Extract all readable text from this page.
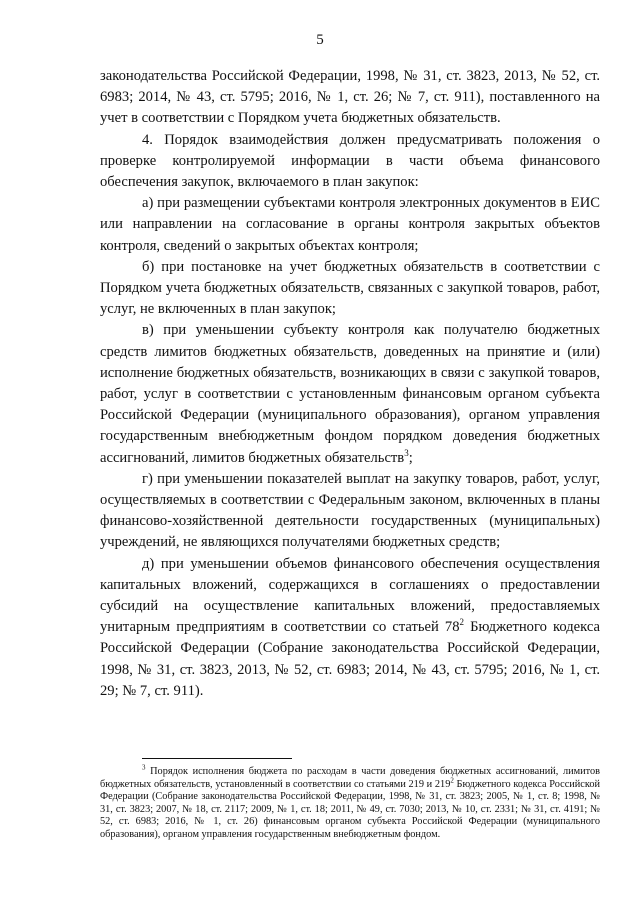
5

законодательства Российской Федерации, 1998, № 31, ст. 3823, 2013, № 52, ст. 6983; 2014, № 43, ст. 5795; 2016, № 1, ст. 26; № 7, ст. 911), поставленного на учет в соответствии с Порядком учета бюджетных обязательств.

4. Порядок взаимодействия должен предусматривать положения о проверке контролируемой информации в части объема финансового обеспечения закупок, включаемого в план закупок:

а) при размещении субъектами контроля электронных документов в ЕИС или направлении на согласование в органы контроля закрытых объектов контроля, сведений о закрытых объектах контроля;

б) при постановке на учет бюджетных обязательств в соответствии с Порядком учета бюджетных обязательств, связанных с закупкой товаров, работ, услуг, не включенных в план закупок;

в) при уменьшении субъекту контроля как получателю бюджетных средств лимитов бюджетных обязательств, доведенных на принятие и (или) исполнение бюджетных обязательств, возникающих в связи с закупкой товаров, работ, услуг в соответствии с установленным финансовым органом субъекта Российской Федерации (муниципального образования), органом управления государственным внебюджетным фондом порядком доведения бюджетных ассигнований, лимитов бюджетных обязательств$^3$;

г) при уменьшении показателей выплат на закупку товаров, работ, услуг, осуществляемых в соответствии с Федеральным законом, включенных в планы финансово-хозяйственной деятельности государственных (муниципальных) учреждений, не являющихся получателями бюджетных средств;

д) при уменьшении объемов финансового обеспечения осуществления капитальных вложений, содержащихся в соглашениях о предоставлении субсидий на осуществление капитальных вложений, предоставляемых унитарным предприятиям в соответствии со статьей $78^2$ Бюджетного кодекса Российской Федерации (Собрание законодательства Российской Федерации, 1998, № 31, ст. 3823, 2013, № 52, ст. 6983; 2014, № 43, ст. 5795; 2016, № 1, ст. 29; № 7, ст. 911).

$^3$ Порядок исполнения бюджета по расходам в части доведения бюджетных ассигнований, лимитов бюджетных обязательств, установленный в соответствии со статьями 219 и $219^2$ Бюджетного кодекса Российской Федерации (Собрание законодательства Российской Федерации, 1998, № 31, ст. 3823; 2005, № 1, ст. 8; 1998, № 31, ст. 3823; 2007, № 18, ст. 2117; 2009, № 1, ст. 18; 2011, № 49, ст. 7030; 2013, № 10, ст. 2331; № 31, ст. 4191; № 52, ст. 6983; 2016, № 1, ст. 26) финансовым органом субъекта Российской Федерации (муниципального образования), органом управления государственным внебюджетным фондом.
